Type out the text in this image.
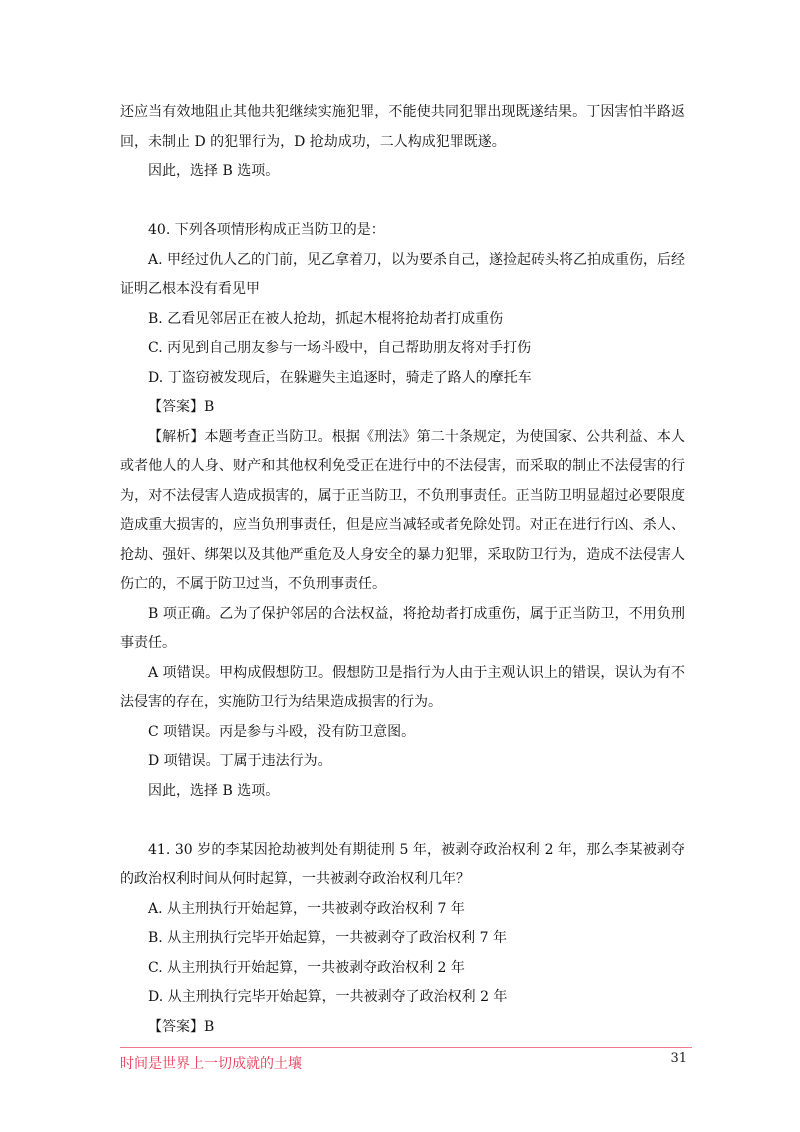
还应当有效地阻止其他共犯继续实施犯罪，不能使共同犯罪出现既遂结果。丁因害怕半路返回，未制止 D 的犯罪行为，D 抢劫成功，二人构成犯罪既遂。

因此，选择 B 选项。

40. 下列各项情形构成正当防卫的是：

A. 甲经过仇人乙的门前，见乙拿着刀，以为要杀自己，遂捡起砖头将乙拍成重伤，后经证明乙根本没有看见甲

B. 乙看见邻居正在被人抢劫，抓起木棍将抢劫者打成重伤

C. 丙见到自己朋友参与一场斗殴中，自己帮助朋友将对手打伤

D. 丁盗窃被发现后，在躲避失主追逐时，骑走了路人的摩托车

【答案】B

【解析】本题考查正当防卫。根据《刑法》第二十条规定，为使国家、公共利益、本人或者他人的人身、财产和其他权利免受正在进行中的不法侵害，而采取的制止不法侵害的行为，对不法侵害人造成损害的，属于正当防卫，不负刑事责任。正当防卫明显超过必要限度造成重大损害的，应当负刑事责任，但是应当减轻或者免除处罚。对正在进行行凶、杀人、抢劫、强奸、绑架以及其他严重危及人身安全的暴力犯罪，采取防卫行为，造成不法侵害人伤亡的，不属于防卫过当，不负刑事责任。

B 项正确。乙为了保护邻居的合法权益，将抢劫者打成重伤，属于正当防卫，不用负刑事责任。

A 项错误。甲构成假想防卫。假想防卫是指行为人由于主观认识上的错误，误认为有不法侵害的存在，实施防卫行为结果造成损害的行为。

C 项错误。丙是参与斗殴，没有防卫意图。

D 项错误。丁属于违法行为。

因此，选择 B 选项。

41. 30 岁的李某因抢劫被判处有期徒刑 5 年，被剥夺政治权利 2 年，那么李某被剥夺的政治权利时间从何时起算，一共被剥夺政治权利几年？

A. 从主刑执行开始起算，一共被剥夺政治权利 7 年

B. 从主刑执行完毕开始起算，一共被剥夺了政治权利 7 年

C. 从主刑执行开始起算，一共被剥夺政治权利 2 年

D. 从主刑执行完毕开始起算，一共被剥夺了政治权利 2 年

【答案】B

时间是世界上一切成就的土壤	31
